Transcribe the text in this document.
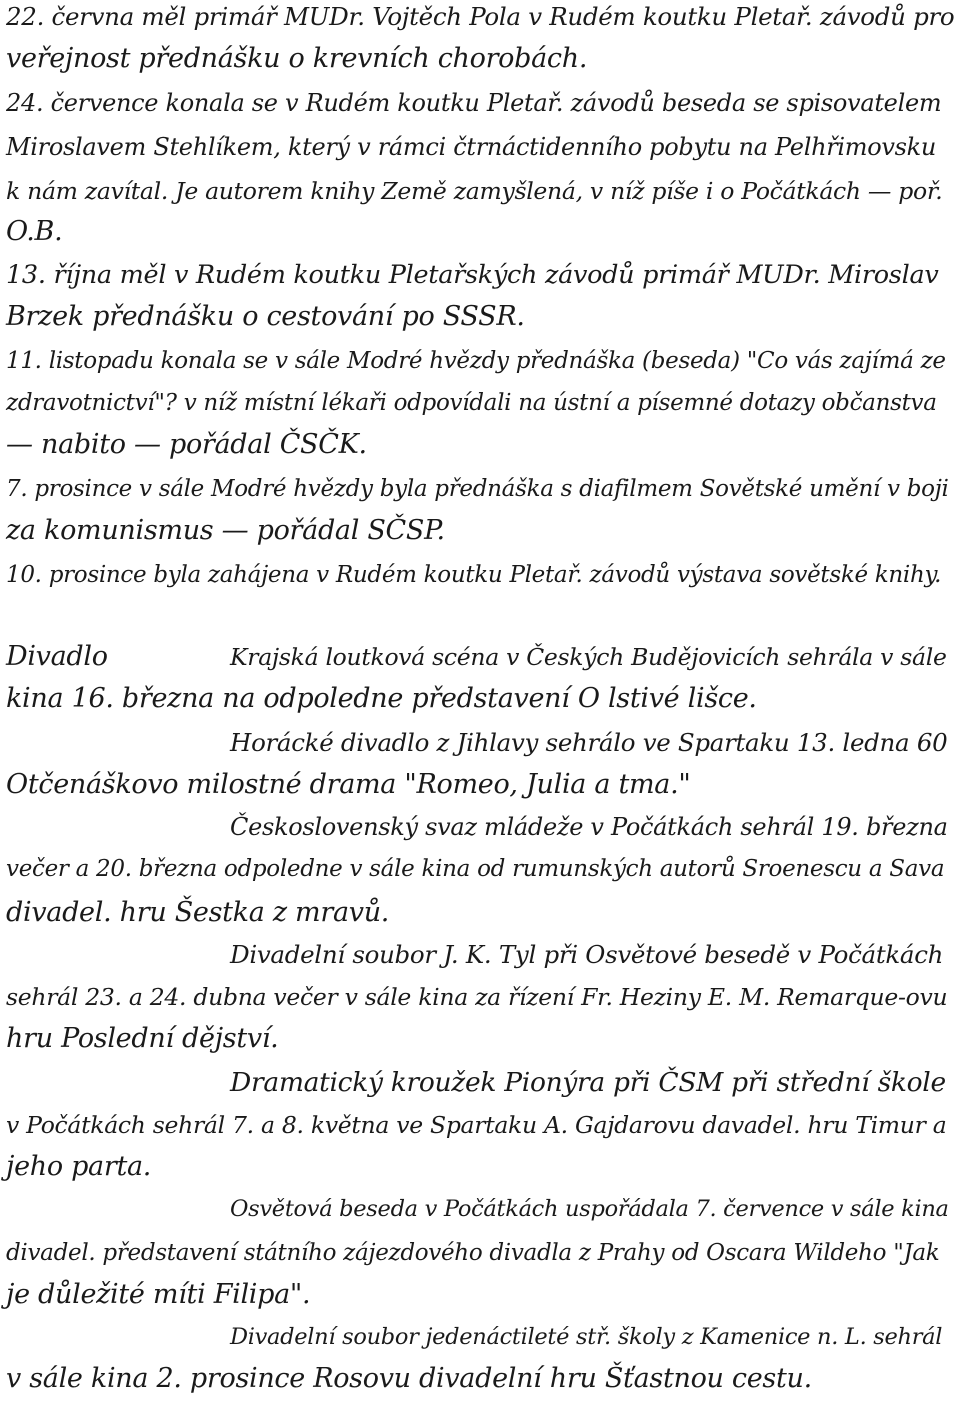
22. června měl primář MUDr. Vojtěch Pola v Rudém koutku Pletař. závodů pro
veřejnost přednášku o krevních chorobách.
24. července konala se v Rudém koutku Pletař. závodů beseda se spisovatelem
Miroslavem Stehlíkem, který v rámci čtrnáctidenního pobytu na Pelhřimovsku
k nám zavítal. Je autorem knihy Země zamyšlená, v níž píše i o Počátkách — poř.
O.B.
13. října měl v Rudém koutku Pletařských závodů primář MUDr. Miroslav
Brzek přednášku o cestování po SSSR.
11. listopadu konala se v sále Modré hvězdy přednáška (beseda) "Co vás zajímá ze
zdravotnictví"? v níž místní lékaři odpovídali na ústní a písemné dotazy občanstva
— nabito — pořádal ČSČK.
7. prosince v sále Modré hvězdy byla přednáška s diafilmem Sovětské umění v boji
za komunismus — pořádal SČSP.
10. prosince byla zahájena v Rudém koutku Pletař. závodů výstava sovětské knihy.
Divadlo	Krajská loutková scéna v Českých Budějovicích sehrála v sále
kina 16. března na odpoledne představení O lstivé lišce.
Horácké divadlo z Jihlavy sehrálo ve Spartaku 13. ledna 60
Otčenáškovo milostné drama "Romeo, Julia a tma."
Československý svaz mládeže v Počátkách sehrál 19. března
večer a 20. března odpoledne v sále kina od rumunských autorů Sroenescu a Sava
divadel. hru Šestka z mravů.
Divadelní soubor J. K. Tyl při Osvětové besedě v Počátkách
sehrál 23. a 24. dubna večer v sále kina za řízení Fr. Heziny E. M. Remarque-ovu
hru Poslední dějství.
Dramatický kroužek Pionýra při ČSM při střední škole
v Počátkách sehrál 7. a 8. května ve Spartaku A. Gajdarovu davadel. hru Timur a
jeho parta.
Osvětová beseda v Počátkách uspořádala 7. července v sále kina
divadel. představení státního zájezdového divadla z Prahy od Oscara Wildeho "Jak
je důležité míti Filipa".
Divadelní soubor jedenáctileté stř. školy z Kamenice n. L. sehrál
v sále kina 2. prosince Rosovu divadelní hru Šťastnou cestu.
